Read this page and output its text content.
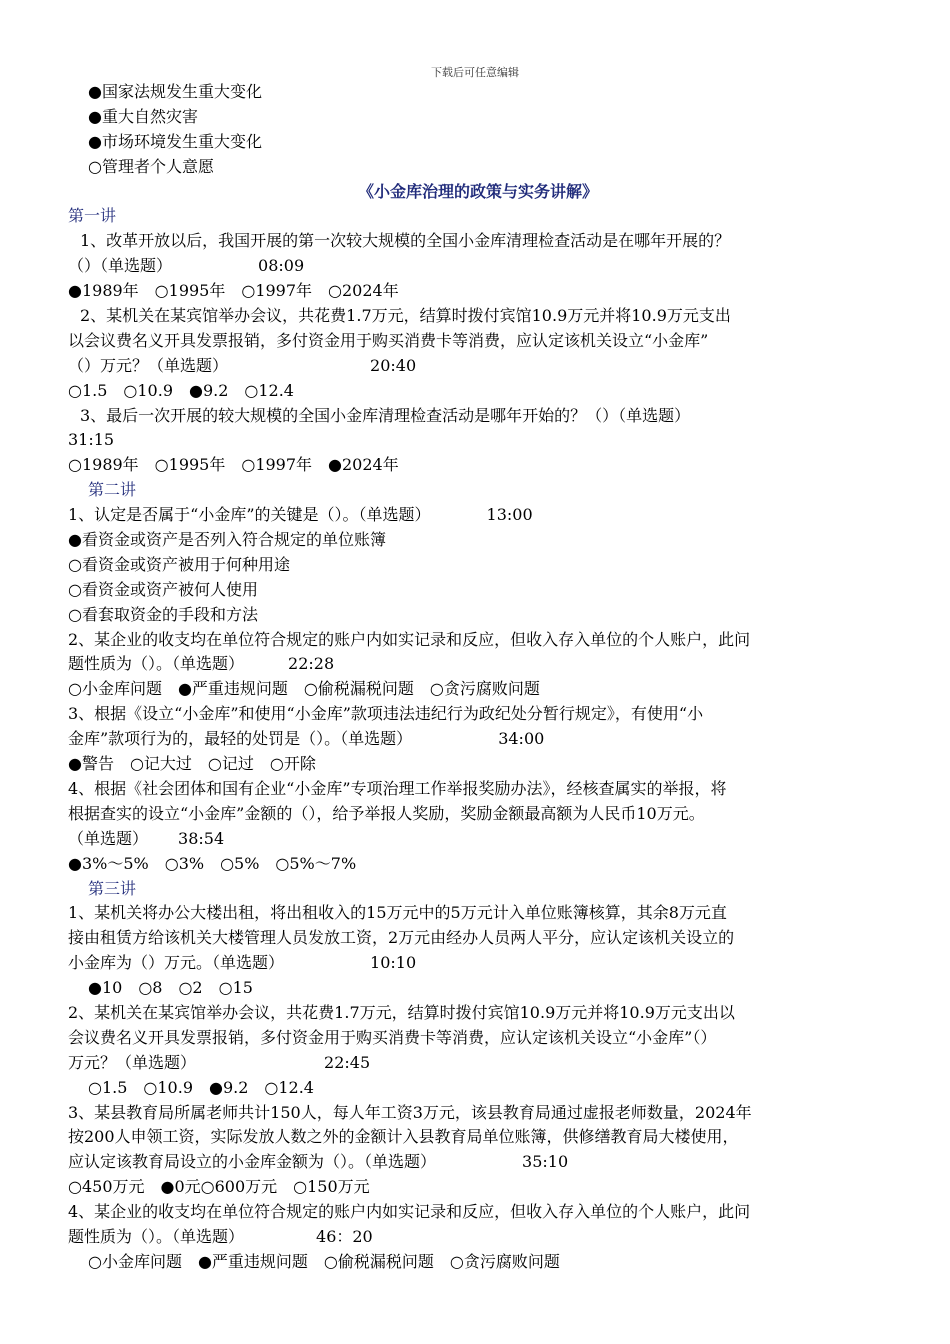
下载后可任意编辑
●国家法规发生重大变化
●重大自然灾害
●市场环境发生重大变化
○管理者个人意愿
《小金库治理的政策与实务讲解》
第一讲
1、改革开放以后，我国开展的第一次较大规模的全国小金库清理检查活动是在哪年开展的？
（）（单选题）	08:09
●1989年　○1995年　○1997年　○2024年
2、某机关在某宾馆举办会议，共花费1.7万元，结算时拨付宾馆10.9万元并将10.9万元支出
以会议费名义开具发票报销，多付资金用于购买消费卡等消费，应认定该机关设立“小金库”
（）万元？（单选题）	20:40
○1.5　○10.9　●9.2　○12.4
3、最后一次开展的较大规模的全国小金库清理检查活动是哪年开始的？（）（单选题）
31:15
○1989年　○1995年　○1997年　●2024年
第二讲
1、认定是否属于“小金库”的关键是（）。（单选题）	13:00
●看资金或资产是否列入符合规定的单位账簿
○看资金或资产被用于何种用途
○看资金或资产被何人使用
○看套取资金的手段和方法
2、某企业的收支均在单位符合规定的账户内如实记录和反应，但收入存入单位的个人账户，此问
题性质为（）。（单选题）	22:28
○小金库问题　●严重违规问题　○偷税漏税问题　○贪污腐败问题
3、根据《设立“小金库”和使用“小金库”款项违法违纪行为政纪处分暂行规定》，有使用“小
金库”款项行为的，最轻的处罚是（）。（单选题）	34:00
●警告　○记大过　○记过　○开除
4、根据《社会团体和国有企业“小金库”专项治理工作举报奖励办法》，经核查属实的举报，将
根据查实的设立“小金库”金额的（），给予举报人奖励，奖励金额最高额为人民币10万元。
（单选题） 38:54
●3%～5%　○3%　○5%　○5%～7%
第三讲
1、某机关将办公大楼出租，将出租收入的15万元中的5万元计入单位账簿核算，其余8万元直
接由租赁方给该机关大楼管理人员发放工资，2万元由经办人员两人平分，应认定该机关设立的
小金库为（）万元。（单选题）	10:10
●10　○8　○2　○15
2、某机关在某宾馆举办会议，共花费1.7万元，结算时拨付宾馆10.9万元并将10.9万元支出以
会议费名义开具发票报销，多付资金用于购买消费卡等消费，应认定该机关设立“小金库”（）
万元？（单选题）	22:45
○1.5　○10.9　●9.2　○12.4
3、某县教育局所属老师共计150人，每人年工资3万元，该县教育局通过虚报老师数量，2024年
按200人申领工资，实际发放人数之外的金额计入县教育局单位账簿，供修缮教育局大楼使用，
应认定该教育局设立的小金库金额为（）。（单选题）	35:10
○450万元　●0元○600万元　○150万元
4、某企业的收支均在单位符合规定的账户内如实记录和反应，但收入存入单位的个人账户，此问
题性质为（）。（单选题）	46：20
○小金库问题　●严重违规问题　○偷税漏税问题　○贪污腐败问题
